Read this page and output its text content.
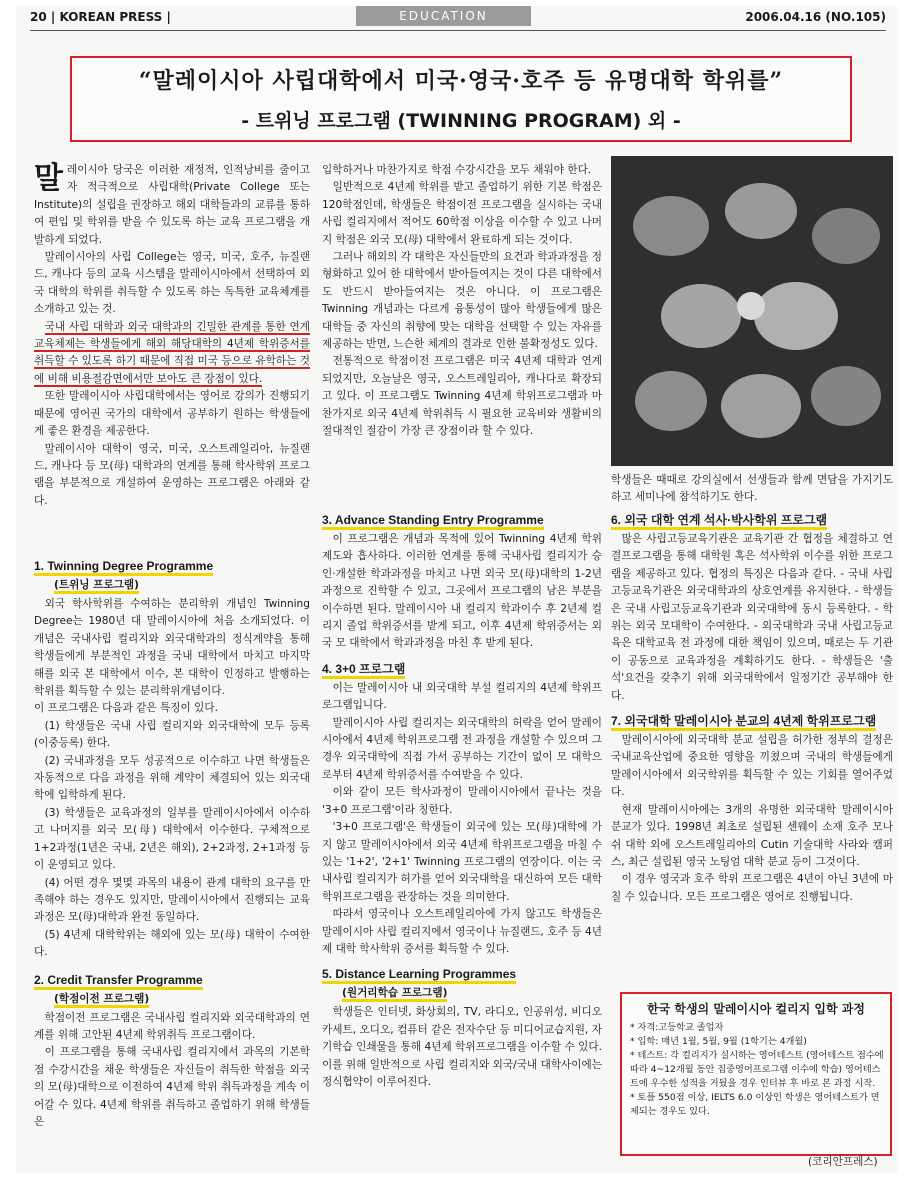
20 | KOREAN PRESS |	EDUCATION	2006.04.16 (NO.105)
“말레이시아 사립대학에서 미국·영국·호주 등 유명대학 학위를”
- 트위닝 프로그램 (TWINNING PROGRAM) 외 -

말레이시아 당국은 이러한 재정적, 인적낭비를 줄이고자 적극적으로 사립대학(Private College 또는 Institute)의 설립을 권장하고 해외 대학들과의 교류를 통하여 편입 및 학위를 받을 수 있도록 하는 교육 프로그램을 개발하게 되었다.

말레이시아의 사립 College는 영국, 미국, 호주, 뉴질랜드, 캐나다 등의 교육 시스템을 말레이시아에서 선택하여 외국 대학의 학위를 취득할 수 있도록 하는 독특한 교육체계를 소개하고 있는 것.

국내 사립 대학과 외국 대학과의 긴밀한 관계를 통한 연계 교육체제는 학생들에게 해외 해당대학의 4년제 학위증서를 취득할 수 있도록 하기 때문에 직접 미국 등으로 유학하는 것에 비해 비용절감면에서만 보아도 큰 장점이 있다.

또한 말레이시아 사립대학에서는 영어로 강의가 진행되기 때문에 영어권 국가의 대학에서 공부하기 원하는 학생들에게 좋은 환경을 제공한다.

말레이시아 대학이 영국, 미국, 오스트레일리아, 뉴질랜드, 캐나다 등 모(母) 대학과의 연계를 통해 학사학위 프로그램을 부분적으로 개설하여 운영하는 프로그램은 아래와 같다.

1. Twinning Degree Programme
(트위닝 프로그램)

외국 학사학위를 수여하는 분리학위 개념인 Twinning Degree는 1980년 대 말레이시아에 처음 소개되었다. 이 개념은 국내사립 컬리지와 외국대학과의 정식계약을 통해 학생들에게 부분적인 과정을 국내 대학에서 마치고 마지막 해를 외국 본 대학에서 이수, 본 대학이 인정하고 발행하는 학위를 획득할 수 있는 분리학위개념이다.

이 프로그램은 다음과 같은 특징이 있다.

(1) 학생들은 국내 사립 컬리지와 외국대학에 모두 등록(이중등록) 한다.

(2) 국내과정을 모두 성공적으로 이수하고 나면 학생들은 자동적으로 다음 과정을 위해 계약이 체결되어 있는 외국대학에 입학하게 된다.

(3) 학생들은 교육과정의 일부를 말레이시아에서 이수하고 나머지를 외국 모(母) 대학에서 이수한다. 구체적으로 1+2과정(1년은 국내, 2년은 해외), 2+2과정, 2+1과정 등이 운영되고 있다.

(4) 어떤 경우 몇몇 과목의 내용이 관계 대학의 요구를 만족해야 하는 경우도 있지만, 말레이시아에서 진행되는 교육과정은 모(母)대학과 완전 동일하다.

(5) 4년제 대학학위는 해외에 있는 모(母) 대학이 수여한다.

2. Credit Transfer Programme
(학점이전 프로그램)

학점이전 프로그램은 국내사립 컬리지와 외국대학과의 연계를 위해 고안된 4년제 학위취득 프로그램이다.

이 프로그램을 통해 국내사립 컬리지에서 과목의 기본학점 수강시간을 채운 학생들은 자신들이 취득한 학점을 외국의 모(母)대학으로 이전하여 4년제 학위 취득과정을 계속 이어갈 수 있다. 4년제 학위를 취득하고 졸업하기 위해 학생들은

입학하거나 마찬가지로 학점 수강시간을 모두 채워야 한다.

일반적으로 4년제 학위를 받고 졸업하기 위한 기본 학점은 120학점인데, 학생들은 학점이전 프로그램을 실시하는 국내사립 컬리지에서 적어도 60학점 이상을 이수할 수 있고 나머지 학점은 외국 모(母) 대학에서 완료하게 되는 것이다.

그러나 해외의 각 대학은 자신들만의 요건과 학과과정을 정형화하고 있어 한 대학에서 받아들여지는 것이 다른 대학에서도 반드시 받아들여지는 것은 아니다. 이 프로그램은 Twinning 개념과는 다르게 융통성이 많아 학생들에게 많은 대학들 중 자신의 취향에 맞는 대학을 선택할 수 있는 자유를 제공하는 반면, 느슨한 체계의 결과로 인한 불확정성도 있다.

전통적으로 학점이전 프로그램은 미국 4년제 대학과 연계되었지만, 오늘날은 영국, 오스트레일리아, 캐나다로 확장되고 있다. 이 프로그램도 Twinning 4년제 학위프로그램과 마찬가지로 외국 4년제 학위취득 시 필요한 교육비와 생활비의 절대적인 절감이 가장 큰 장점이라 할 수 있다.

3. Advance Standing Entry Programme

이 프로그램은 개념과 목적에 있어 Twinning 4년제 학위제도와 흡사하다. 이러한 연계를 통해 국내사립 컬리지가 승인·개설한 학과과정을 마치고 나면 외국 모(母)대학의 1-2년 과정으로 진학할 수 있고, 그곳에서 프로그램의 남은 부분을 이수하면 된다. 말레이시아 내 컬리지 학과이수 후 2년제 컬리지 졸업 학위증서를 받게 되고, 이후 4년제 학위증서는 외국 모 대학에서 학과과정을 마친 후 받게 된다.

4. 3+0 프로그램

이는 말레이시아 내 외국대학 부설 컬리지의 4년제 학위프로그램입니다.

말레이시아 사립 컬리지는 외국대학의 허락을 얻어 말레이시아에서 4년제 학위프로그램 전 과정을 개설할 수 있으며 그 경우 외국대학에 직접 가서 공부하는 기간이 없이 모 대학으로부터 4년제 학위증서를 수여받을 수 있다.

이와 같이 모든 학사과정이 말레이시아에서 끝나는 것을 '3+0 프로그램'이라 칭한다.

'3+0 프로그램'은 학생들이 외국에 있는 모(母)대학에 가지 않고 말레이시아에서 외국 4년제 학위프로그램을 마칠 수 있는 '1+2', '2+1' Twinning 프로그램의 연장이다. 이는 국내사립 컬리지가 허가를 얻어 외국대학을 대신하여 모든 대학 학위프로그램을 관장하는 것을 의미한다.

따라서 영국이나 오스트레일리아에 가지 않고도 학생들은 말레이시아 사립 컬리지에서 영국이나 뉴질랜드, 호주 등 4년제 대학 학사학위 증서를 획득할 수 있다.

5. Distance Learning Programmes
(원거리학습 프로그램)

학생들은 인터넷, 화상회의, TV, 라디오, 인공위성, 비디오카세트, 오디오, 컴퓨터 같은 전자수단 등 미디어교습지원, 자기학습 인쇄물을 통해 4년제 학위프로그램을 이수할 수 있다. 이를 위해 일반적으로 사립 컬리지와 외국/국내 대학사이에는 정식협약이 이루어진다.

학생들은 때때로 강의실에서 선생들과 함께 면담을 가지기도 하고 세미나에 참석하기도 한다.
6. 외국 대학 연계 석사·박사학위 프로그램

많은 사립고등교육기관은 교육기관 간 협정을 체결하고 연결프로그램을 통해 대학원 혹은 석사학위 이수를 위한 프로그램을 제공하고 있다. 협정의 특징은 다음과 같다. - 국내 사립고등교육기관은 외국대학과의 상호연계를 유지한다. - 학생들은 국내 사립고등교육기관과 외국대학에 동시 등록한다. - 학위는 외국 모대학이 수여한다. - 외국대학과 국내 사립고등교육은 대학교육 전 과정에 대한 책임이 있으며, 때로는 두 기관이 공동으로 교육과정을 계획하기도 한다. - 학생들은 '출석'요건을 갖추기 위해 외국대학에서 일정기간 공부해야 한다.

7. 외국대학 말레이시아 분교의 4년제 학위프로그램

말레이시아에 외국대학 분교 설립을 허가한 정부의 결정은 국내교육산업에 중요한 영향을 끼쳤으며 국내의 학생들에게 말레이시아에서 외국학위를 획득할 수 있는 기회를 열어주었다.

현재 말레이시아에는 3개의 유명한 외국대학 말레이시아 분교가 있다. 1998년 최초로 설립된 센웨이 소재 호주 모나쉬 대학 외에 오스트레일리아의 Cutin 기술대학 사라와 캠퍼스, 최근 설립된 영국 노팅엄 대학 분교 등이 그것이다.

이 경우 영국과 호주 학위 프로그램은 4년이 아닌 3년에 마칠 수 있습니다. 모든 프로그램은 영어로 진행됩니다.

한국 학생의 말레이시아 컬리지 입학 과정
* 자격:고등학교 졸업자
* 입학: 매년 1월, 5월, 9월 (1학기는 4개월)
* 테스트: 각 컬리지가 실시하는 영어테스트 (영어테스트 점수에 따라 4~12개월 동안 집중영어프로그램 이수에 학습) 영어테스트에 우수한 성적을 거뒀을 경우 인터뷰 후 바로 본 과정 시작.
* 토플 550점 이상, IELTS 6.0 이상인 학생은 영어테스트가 면제되는 경우도 있다.
(코리안프레스)
